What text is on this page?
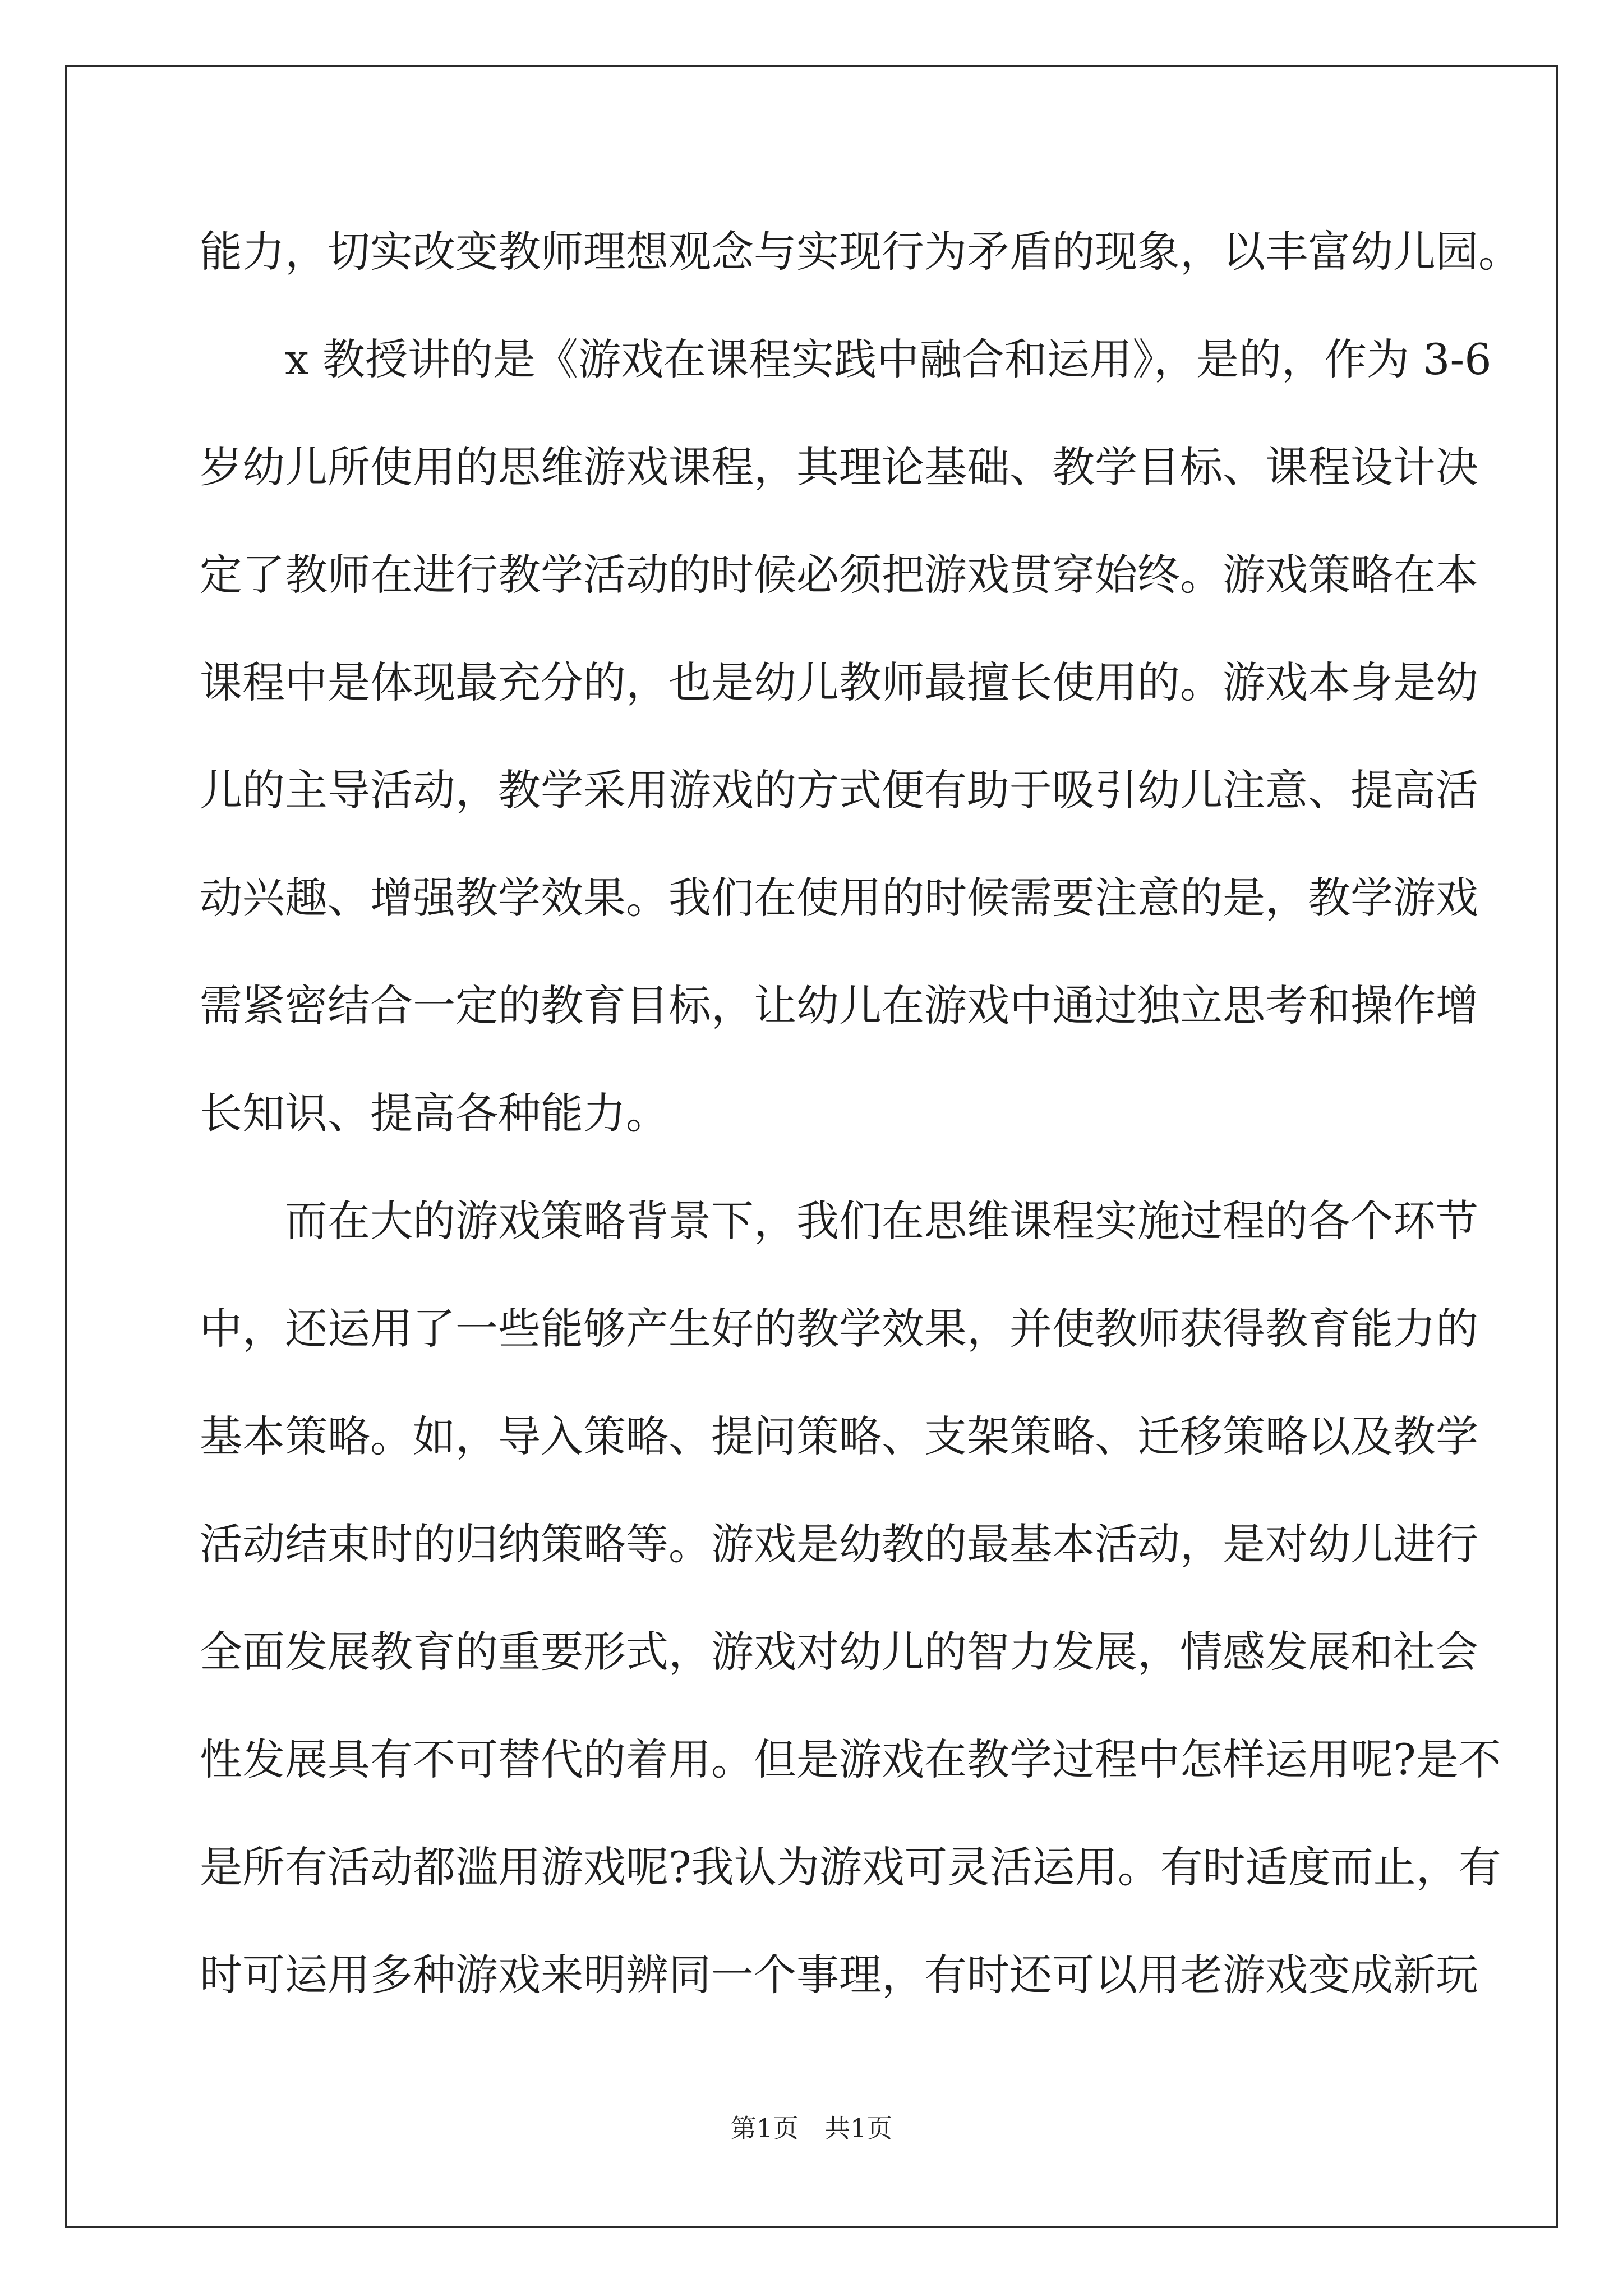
能力，切实改变教师理想观念与实现行为矛盾的现象，以丰富幼儿园。
　　x 教授讲的是《游戏在课程实践中融合和运用》，是的，作为 3-6
岁幼儿所使用的思维游戏课程，其理论基础、教学目标、课程设计决
定了教师在进行教学活动的时候必须把游戏贯穿始终。游戏策略在本
课程中是体现最充分的，也是幼儿教师最擅长使用的。游戏本身是幼
儿的主导活动，教学采用游戏的方式便有助于吸引幼儿注意、提高活
动兴趣、增强教学效果。我们在使用的时候需要注意的是，教学游戏
需紧密结合一定的教育目标，让幼儿在游戏中通过独立思考和操作增
长知识、提高各种能力。
　　而在大的游戏策略背景下，我们在思维课程实施过程的各个环节
中，还运用了一些能够产生好的教学效果，并使教师获得教育能力的
基本策略。如，导入策略、提问策略、支架策略、迁移策略以及教学
活动结束时的归纳策略等。游戏是幼教的最基本活动，是对幼儿进行
全面发展教育的重要形式，游戏对幼儿的智力发展，情感发展和社会
性发展具有不可替代的着用。但是游戏在教学过程中怎样运用呢?是不
是所有活动都滥用游戏呢?我认为游戏可灵活运用。有时适度而止，有
时可运用多种游戏来明辨同一个事理，有时还可以用老游戏变成新玩
第1页　共1页
